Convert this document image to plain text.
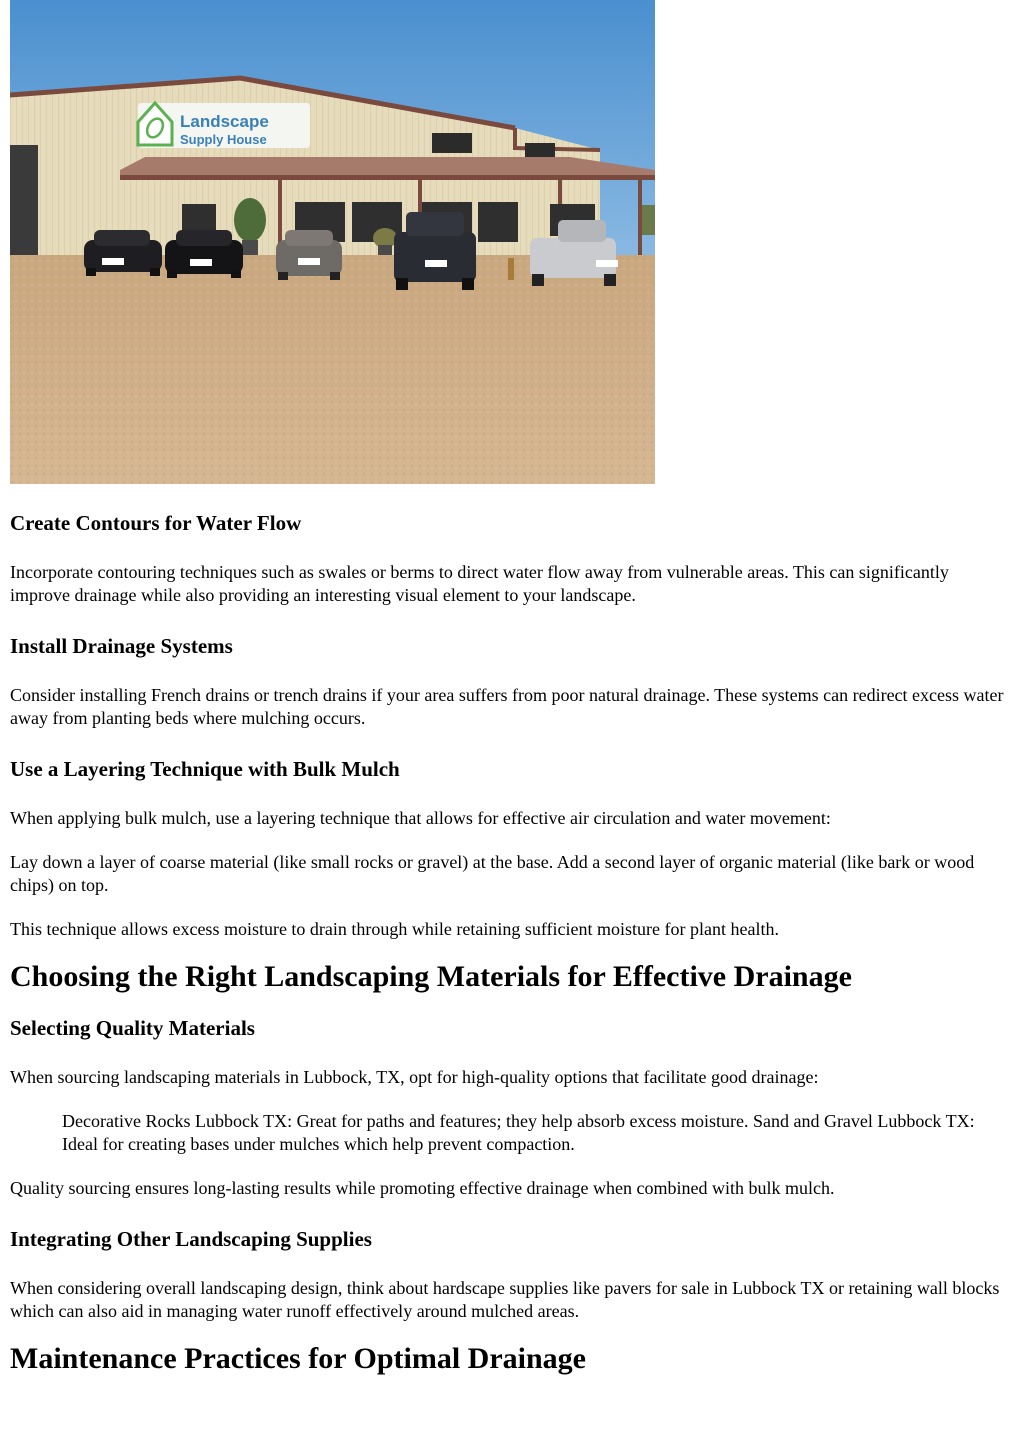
Landscape
Supply House
Create Contours for Water Flow

Incorporate contouring techniques such as swales or berms to direct water flow away from vulnerable areas. This can significantly improve drainage while also providing an interesting visual element to your landscape.

Install Drainage Systems

Consider installing French drains or trench drains if your area suffers from poor natural drainage. These systems can redirect excess water away from planting beds where mulching occurs.

Use a Layering Technique with Bulk Mulch

When applying bulk mulch, use a layering technique that allows for effective air circulation and water movement:

Lay down a layer of coarse material (like small rocks or gravel) at the base. Add a second layer of organic material (like bark or wood chips) on top.

This technique allows excess moisture to drain through while retaining sufficient moisture for plant health.

Choosing the Right Landscaping Materials for Effective Drainage
Selecting Quality Materials

When sourcing landscaping materials in Lubbock, TX, opt for high-quality options that facilitate good drainage:

Decorative Rocks Lubbock TX: Great for paths and features; they help absorb excess moisture. Sand and Gravel Lubbock TX: Ideal for creating bases under mulches which help prevent compaction.

Quality sourcing ensures long-lasting results while promoting effective drainage when combined with bulk mulch.

Integrating Other Landscaping Supplies

When considering overall landscaping design, think about hardscape supplies like pavers for sale in Lubbock TX or retaining wall blocks which can also aid in managing water runoff effectively around mulched areas.

Maintenance Practices for Optimal Drainage
